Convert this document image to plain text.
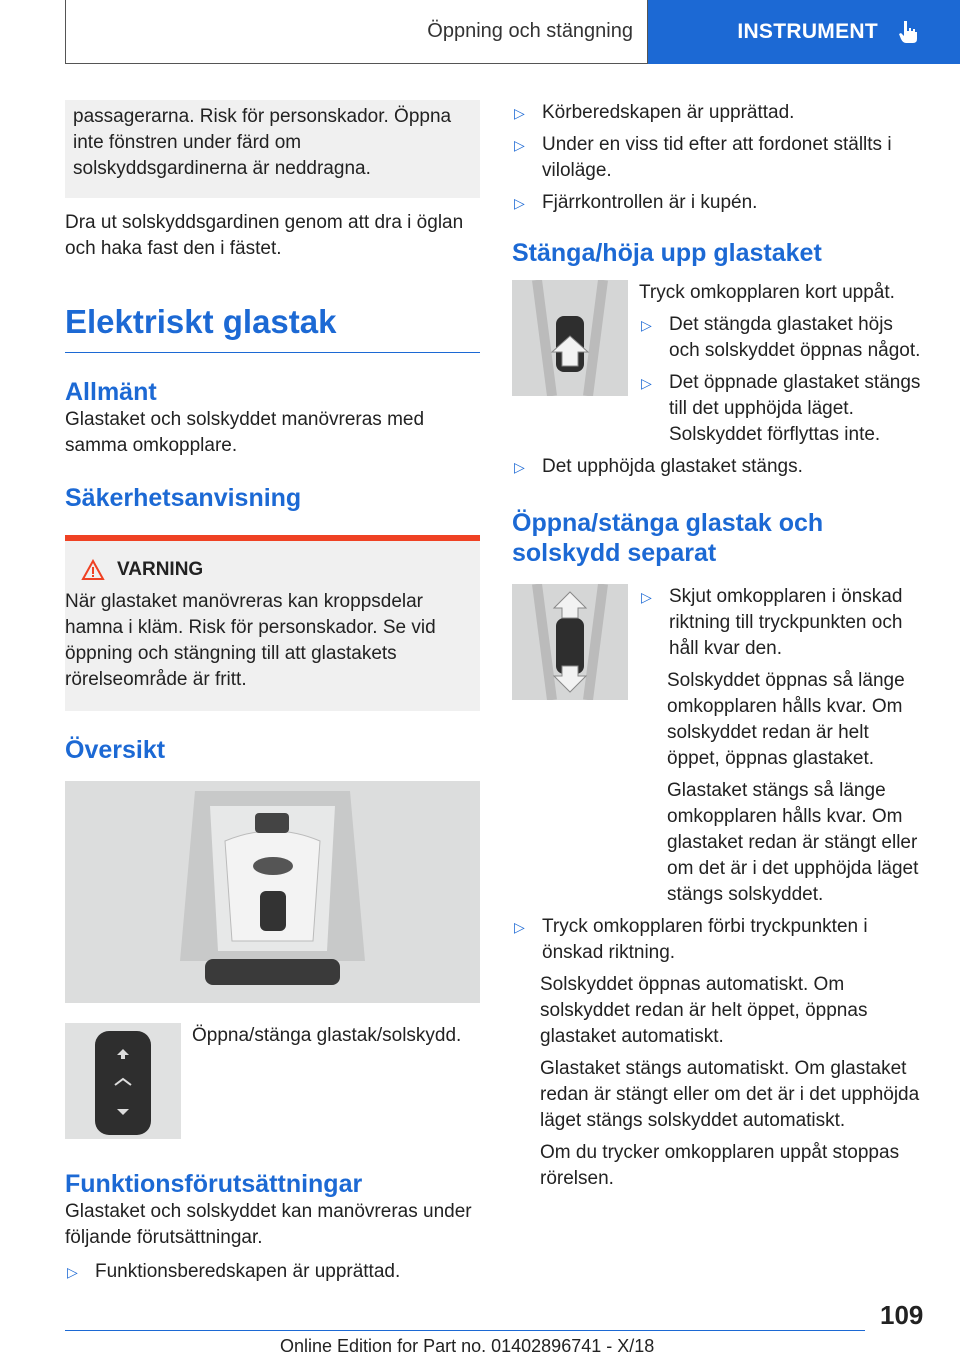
Öppning och stängning	INSTRUMENT

passagerarna. Risk för personskador. Öppna inte fönstren under färd om solskyddsgardinerna är neddragna.

Dra ut solskyddsgardinen genom att dra i öglan och haka fast den i fästet.

Elektriskt glastak
Allmänt

Glastaket och solskyddet manövreras med samma omkopplare.

Säkerhetsanvisning
VARNING

När glastaket manövreras kan kroppsdelar hamna i kläm. Risk för personskador. Se vid öppning och stängning till att glastakets rörelseområde är fritt.

Översikt

Öppna/stänga glastak/solskydd.

Funktionsförutsättningar

Glastaket och solskyddet kan manövreras under följande förutsättningar.

▷ Funktionsberedskapen är upprättad.
▷ Körberedskapen är upprättad.
▷ Under en viss tid efter att fordonet ställts i viloläge.
▷ Fjärrkontrollen är i kupén.
Stänga/höja upp glastaket

Tryck omkopplaren kort uppåt.

▷ Det stängda glastaket höjs och solskyddet öppnas något.
▷ Det öppnade glastaket stängs till det upphöjda läget. Solskyddet förflyttas inte.
▷ Det upphöjda glastaket stängs.
Öppna/stänga glastak och solskydd separat
▷ Skjut omkopplaren i önskad riktning till tryckpunkten och håll kvar den.

Solskyddet öppnas så länge omkopplaren hålls kvar. Om solskyddet redan är helt öppet, öppnas glastaket.

Glastaket stängs så länge omkopplaren hålls kvar. Om glastaket redan är stängt eller om det är i det upphöjda läget stängs solskyddet.

▷ Tryck omkopplaren förbi tryckpunkten i önskad riktning.

Solskyddet öppnas automatiskt. Om solskyddet redan är helt öppet, öppnas glastaket automatiskt.

Glastaket stängs automatiskt. Om glastaket redan är stängt eller om det är i det upphöjda läget stängs solskyddet automatiskt.

Om du trycker omkopplaren uppåt stoppas rörelsen.

109
Online Edition for Part no. 01402896741 - X/18
